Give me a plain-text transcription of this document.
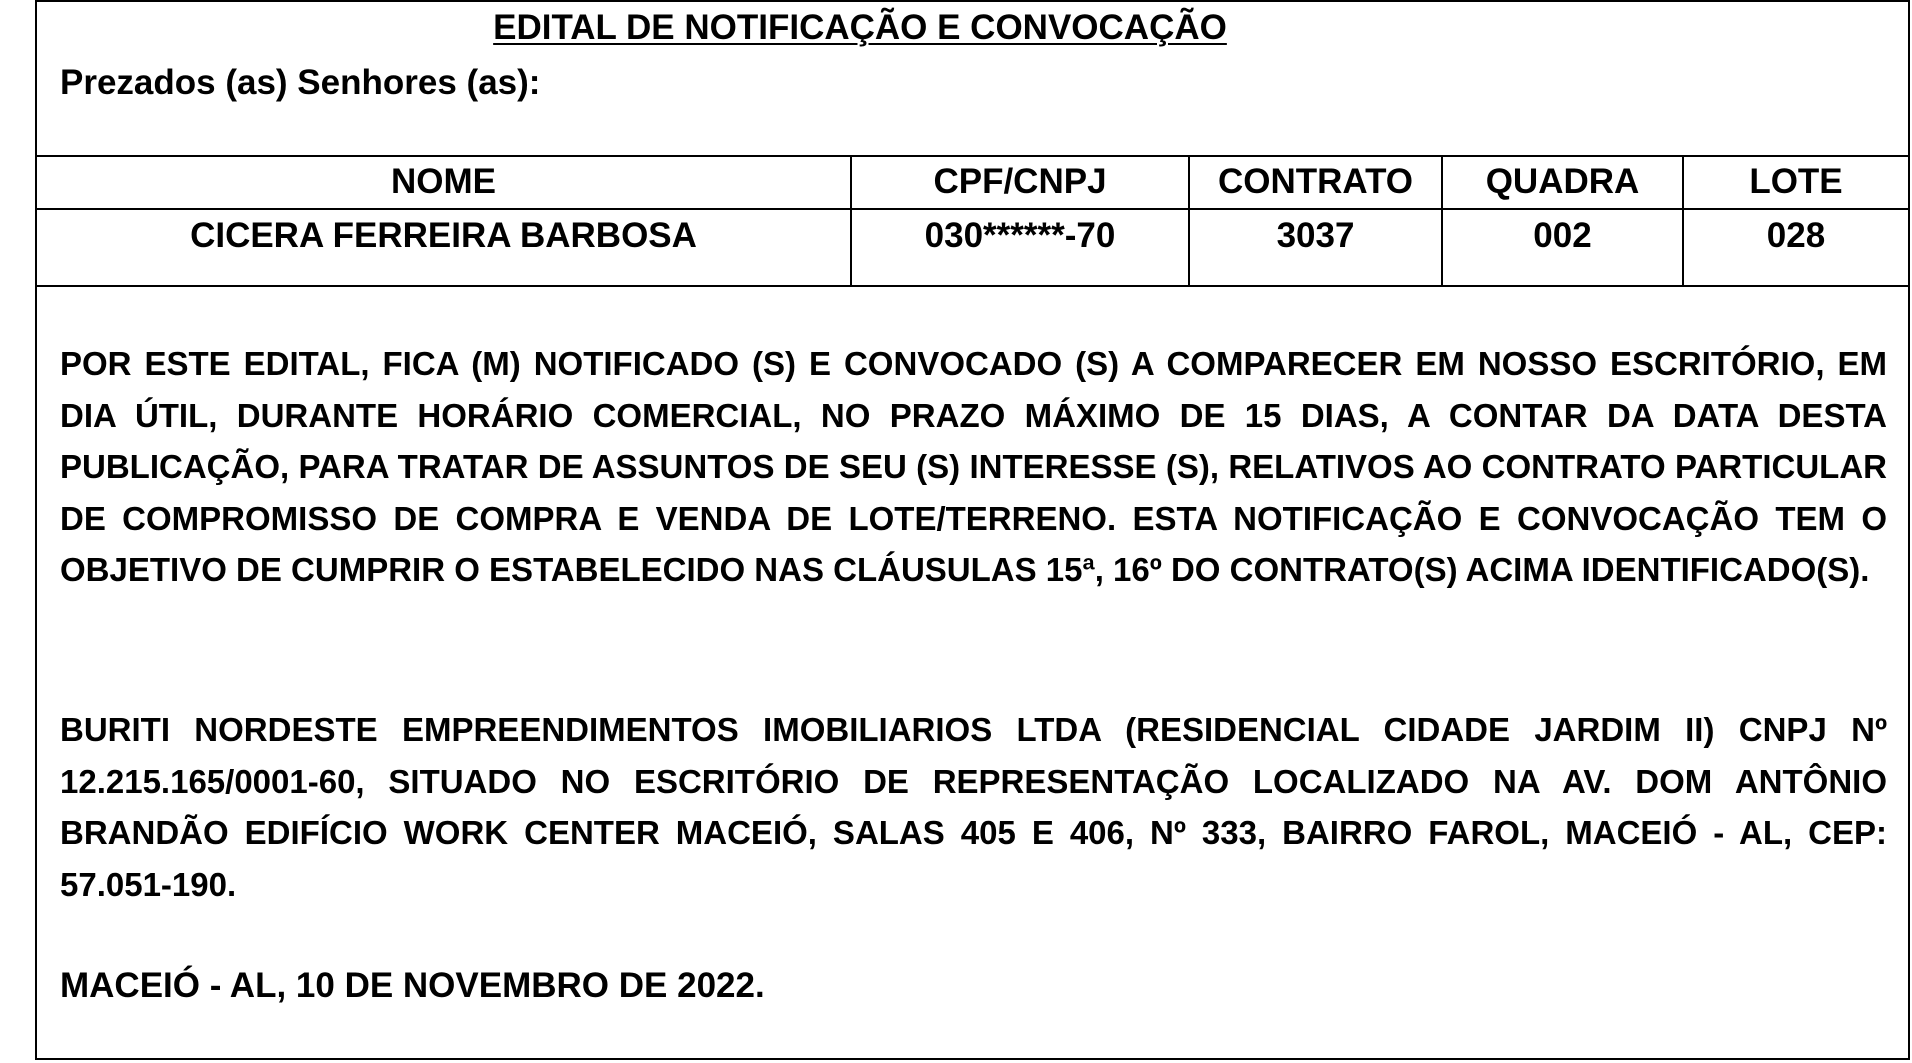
EDITAL DE NOTIFICAÇÃO E CONVOCAÇÃO
Prezados (as) Senhores (as):
NOME	CPF/CNPJ	CONTRATO	QUADRA	LOTE
CICERA FERREIRA BARBOSA	030******-70	3037	002	028
POR ESTE EDITAL, FICA (M) NOTIFICADO (S) E CONVOCADO (S) A COMPARECER EM NOSSO ESCRITÓRIO, EM DIA ÚTIL, DURANTE HORÁRIO COMERCIAL, NO PRAZO MÁXIMO DE 15 DIAS, A CONTAR DA DATA DESTA PUBLICAÇÃO, PARA TRATAR DE ASSUNTOS DE SEU (S) INTERESSE (S), RELATIVOS AO CONTRATO PARTICULAR DE COMPROMISSO DE COMPRA E VENDA DE LOTE/TERRENO. ESTA NOTIFICAÇÃO E CONVOCAÇÃO TEM O OBJETIVO DE CUMPRIR O ESTABELECIDO NAS CLÁUSULAS 15ª, 16º DO CONTRATO(S) ACIMA IDENTIFICADO(S).
BURITI NORDESTE EMPREENDIMENTOS IMOBILIARIOS LTDA (RESIDENCIAL CIDADE JARDIM II) CNPJ Nº 12.215.165/0001-60, SITUADO NO ESCRITÓRIO DE REPRESENTAÇÃO LOCALIZADO NA AV. DOM ANTÔNIO BRANDÃO EDIFÍCIO WORK CENTER MACEIÓ, SALAS 405 E 406, Nº 333, BAIRRO FAROL, MACEIÓ - AL, CEP: 57.051-190.
MACEIÓ - AL, 10 DE NOVEMBRO DE 2022.
